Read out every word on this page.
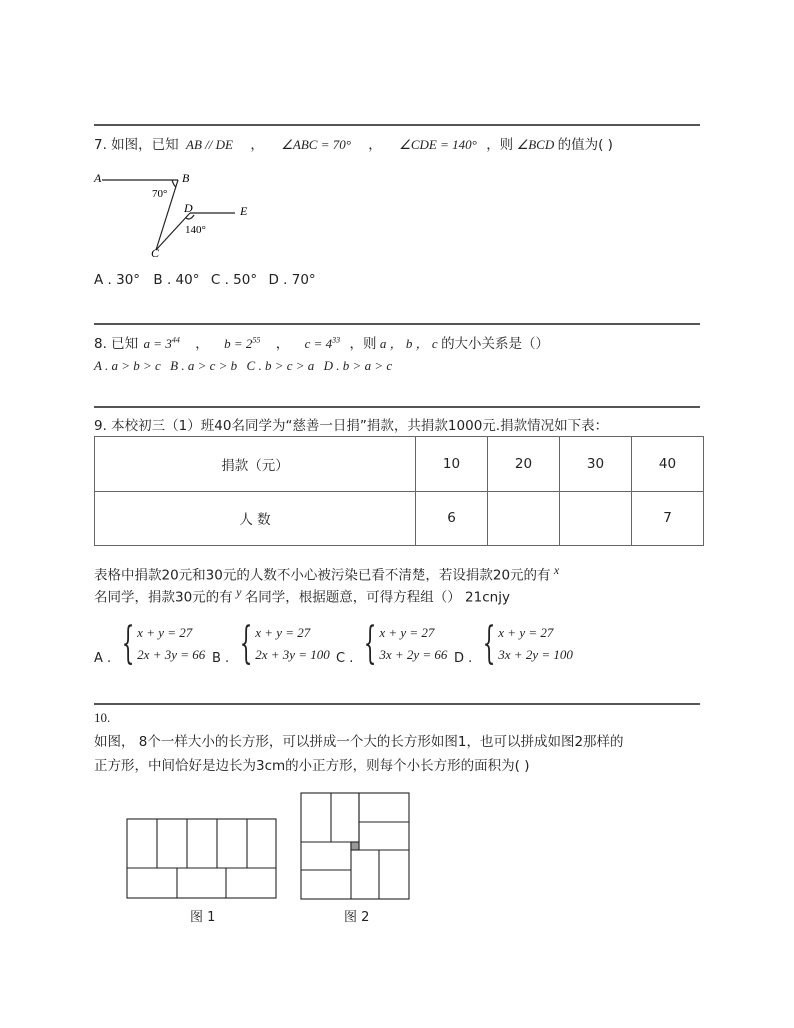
7. 如图，已知 AB // DE ， ∠ABC = 70° ， ∠CDE = 140° ，则 ∠BCD 的值为( )
A	B
C
D	E
70°
140°
A . 30° B . 40° C . 50° D . 70°
8. 已知 $a = 3^{44}$ ， $b = 2^{55}$ ， $c = 4^{33}$ ，则 a ， b ， c 的大小关系是（）
A . a > b > c B . a > c > b C . b > c > a D . b > a > c
9. 本校初三（1）班40名同学为“慈善一日捐”捐款，共捐款1000元.捐款情况如下表：
捐款（元）	10	20	30	40
人 数	6			7
表格中捐款20元和30元的人数不小心被污染已看不清楚，若设捐款20元的有 $^x$
名同学，捐款30元的有 $^y$ 名同学，根据题意，可得方程组（） 21cnjy
A . { x + y = 27
2x + 3y = 66 B . { x + y = 27
2x + 3y = 100 C . { x + y = 27
3x + 2y = 66 D . { x + y = 27
3x + 2y = 100
10.
如图， 8个一样大小的长方形，可以拼成一个大的长方形如图1，也可以拼成如图2那样的
正方形，中间恰好是边长为3cm的小正方形，则每个小长方形的面积为( )
图 1	图 2
